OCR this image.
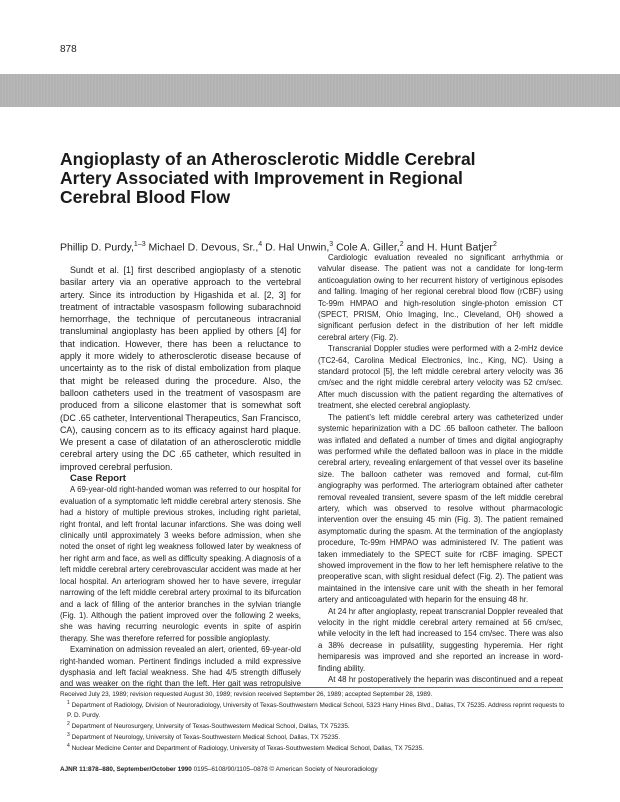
878
Angioplasty of an Atherosclerotic Middle Cerebral Artery Associated with Improvement in Regional Cerebral Blood Flow
Phillip D. Purdy,$^{1-3}$ Michael D. Devous, Sr.,$^4$ D. Hal Unwin,$^3$ Cole A. Giller,$^2$ and H. Hunt Batjer$^2$

Sundt et al. [1] first described angioplasty of a stenotic basilar artery via an operative approach to the vertebral artery. Since its introduction by Higashida et al. [2, 3] for treatment of intractable vasospasm following subarachnoid hemorrhage, the technique of percutaneous intracranial transluminal angioplasty has been applied by others [4] for that indication. However, there has been a reluctance to apply it more widely to atherosclerotic disease because of uncertainty as to the risk of distal embolization from plaque that might be released during the procedure. Also, the balloon catheters used in the treatment of vasospasm are produced from a silicone elastomer that is somewhat soft (DC .65 catheter, Interventional Therapeutics, San Francisco, CA), causing concern as to its efficacy against hard plaque. We present a case of dilatation of an atherosclerotic middle cerebral artery using the DC .65 catheter, which resulted in improved cerebral perfusion.

Case Report

A 69-year-old right-handed woman was referred to our hospital for evaluation of a symptomatic left middle cerebral artery stenosis. She had a history of multiple previous strokes, including right parietal, right frontal, and left frontal lacunar infarctions. She was doing well clinically until approximately 3 weeks before admission, when she noted the onset of right leg weakness followed later by weakness of her right arm and face, as well as difficulty speaking. A diagnosis of a left middle cerebral artery cerebrovascular accident was made at her local hospital. An arteriogram showed her to have severe, irregular narrowing of the left middle cerebral artery proximal to its bifurcation and a lack of filling of the anterior branches in the sylvian triangle (Fig. 1). Although the patient improved over the following 2 weeks, she was having recurring neurologic events in spite of aspirin therapy. She was therefore referred for possible angioplasty.

Examination on admission revealed an alert, oriented, 69-year-old right-handed woman. Pertinent findings included a mild expressive dysphasia and left facial weakness. She had 4/5 strength diffusely and was weaker on the right than the left. Her gait was retropulsive

Cardiologic evaluation revealed no significant arrhythmia or valvular disease. The patient was not a candidate for long-term anticoagulation owing to her recurrent history of vertiginous episodes and falling. Imaging of her regional cerebral blood flow (rCBF) using Tc-99m HMPAO and high-resolution single-photon emission CT (SPECT, PRISM, Ohio Imaging, Inc., Cleveland, OH) showed a significant perfusion defect in the distribution of her left middle cerebral artery (Fig. 2).

Transcranial Doppler studies were performed with a 2-mHz device (TC2-64, Carolina Medical Electronics, Inc., King, NC). Using a standard protocol [5], the left middle cerebral artery velocity was 36 cm/sec and the right middle cerebral artery velocity was 52 cm/sec. After much discussion with the patient regarding the alternatives of treatment, she elected cerebral angioplasty.

The patient’s left middle cerebral artery was catheterized under systemic heparinization with a DC .65 balloon catheter. The balloon was inflated and deflated a number of times and digital angiography was performed while the deflated balloon was in place in the middle cerebral artery, revealing enlargement of that vessel over its baseline size. The balloon catheter was removed and formal, cut-film angiography was performed. The arteriogram obtained after catheter removal revealed transient, severe spasm of the left middle cerebral artery, which was observed to resolve without pharmacologic intervention over the ensuing 45 min (Fig. 3). The patient remained asymptomatic during the spasm. At the termination of the angioplasty procedure, Tc-99m HMPAO was administered IV. The patient was taken immediately to the SPECT suite for rCBF imaging. SPECT showed improvement in the flow to her left hemisphere relative to the preoperative scan, with slight residual defect (Fig. 2). The patient was maintained in the intensive care unit with the sheath in her femoral artery and anticoagulated with heparin for the ensuing 48 hr.

At 24 hr after angioplasty, repeat transcranial Doppler revealed that velocity in the right middle cerebral artery remained at 56 cm/sec, while velocity in the left had increased to 154 cm/sec. There was also a 38% decrease in pulsatility, suggesting hyperemia. Her right hemiparesis was improved and she reported an increase in word-finding ability.

At 48 hr postoperatively the heparin was discontinued and a repeat

Received July 23, 1989; revision requested August 30, 1989; revision received September 26, 1989; accepted September 28, 1989.

$^1$ Department of Radiology, Division of Neuroradiology, University of Texas-Southwestern Medical School, 5323 Harry Hines Blvd., Dallas, TX 75235. Address reprint requests to P. D. Purdy.

$^2$ Department of Neurosurgery, University of Texas-Southwestern Medical School, Dallas, TX 75235.

$^3$ Department of Neurology, University of Texas-Southwestern Medical School, Dallas, TX 75235.

$^4$ Nuclear Medicine Center and Department of Radiology, University of Texas-Southwestern Medical School, Dallas, TX 75235.

AJNR 11:878–880, September/October 1990 0195–6108/90/1105–0878 © American Society of Neuroradiology
